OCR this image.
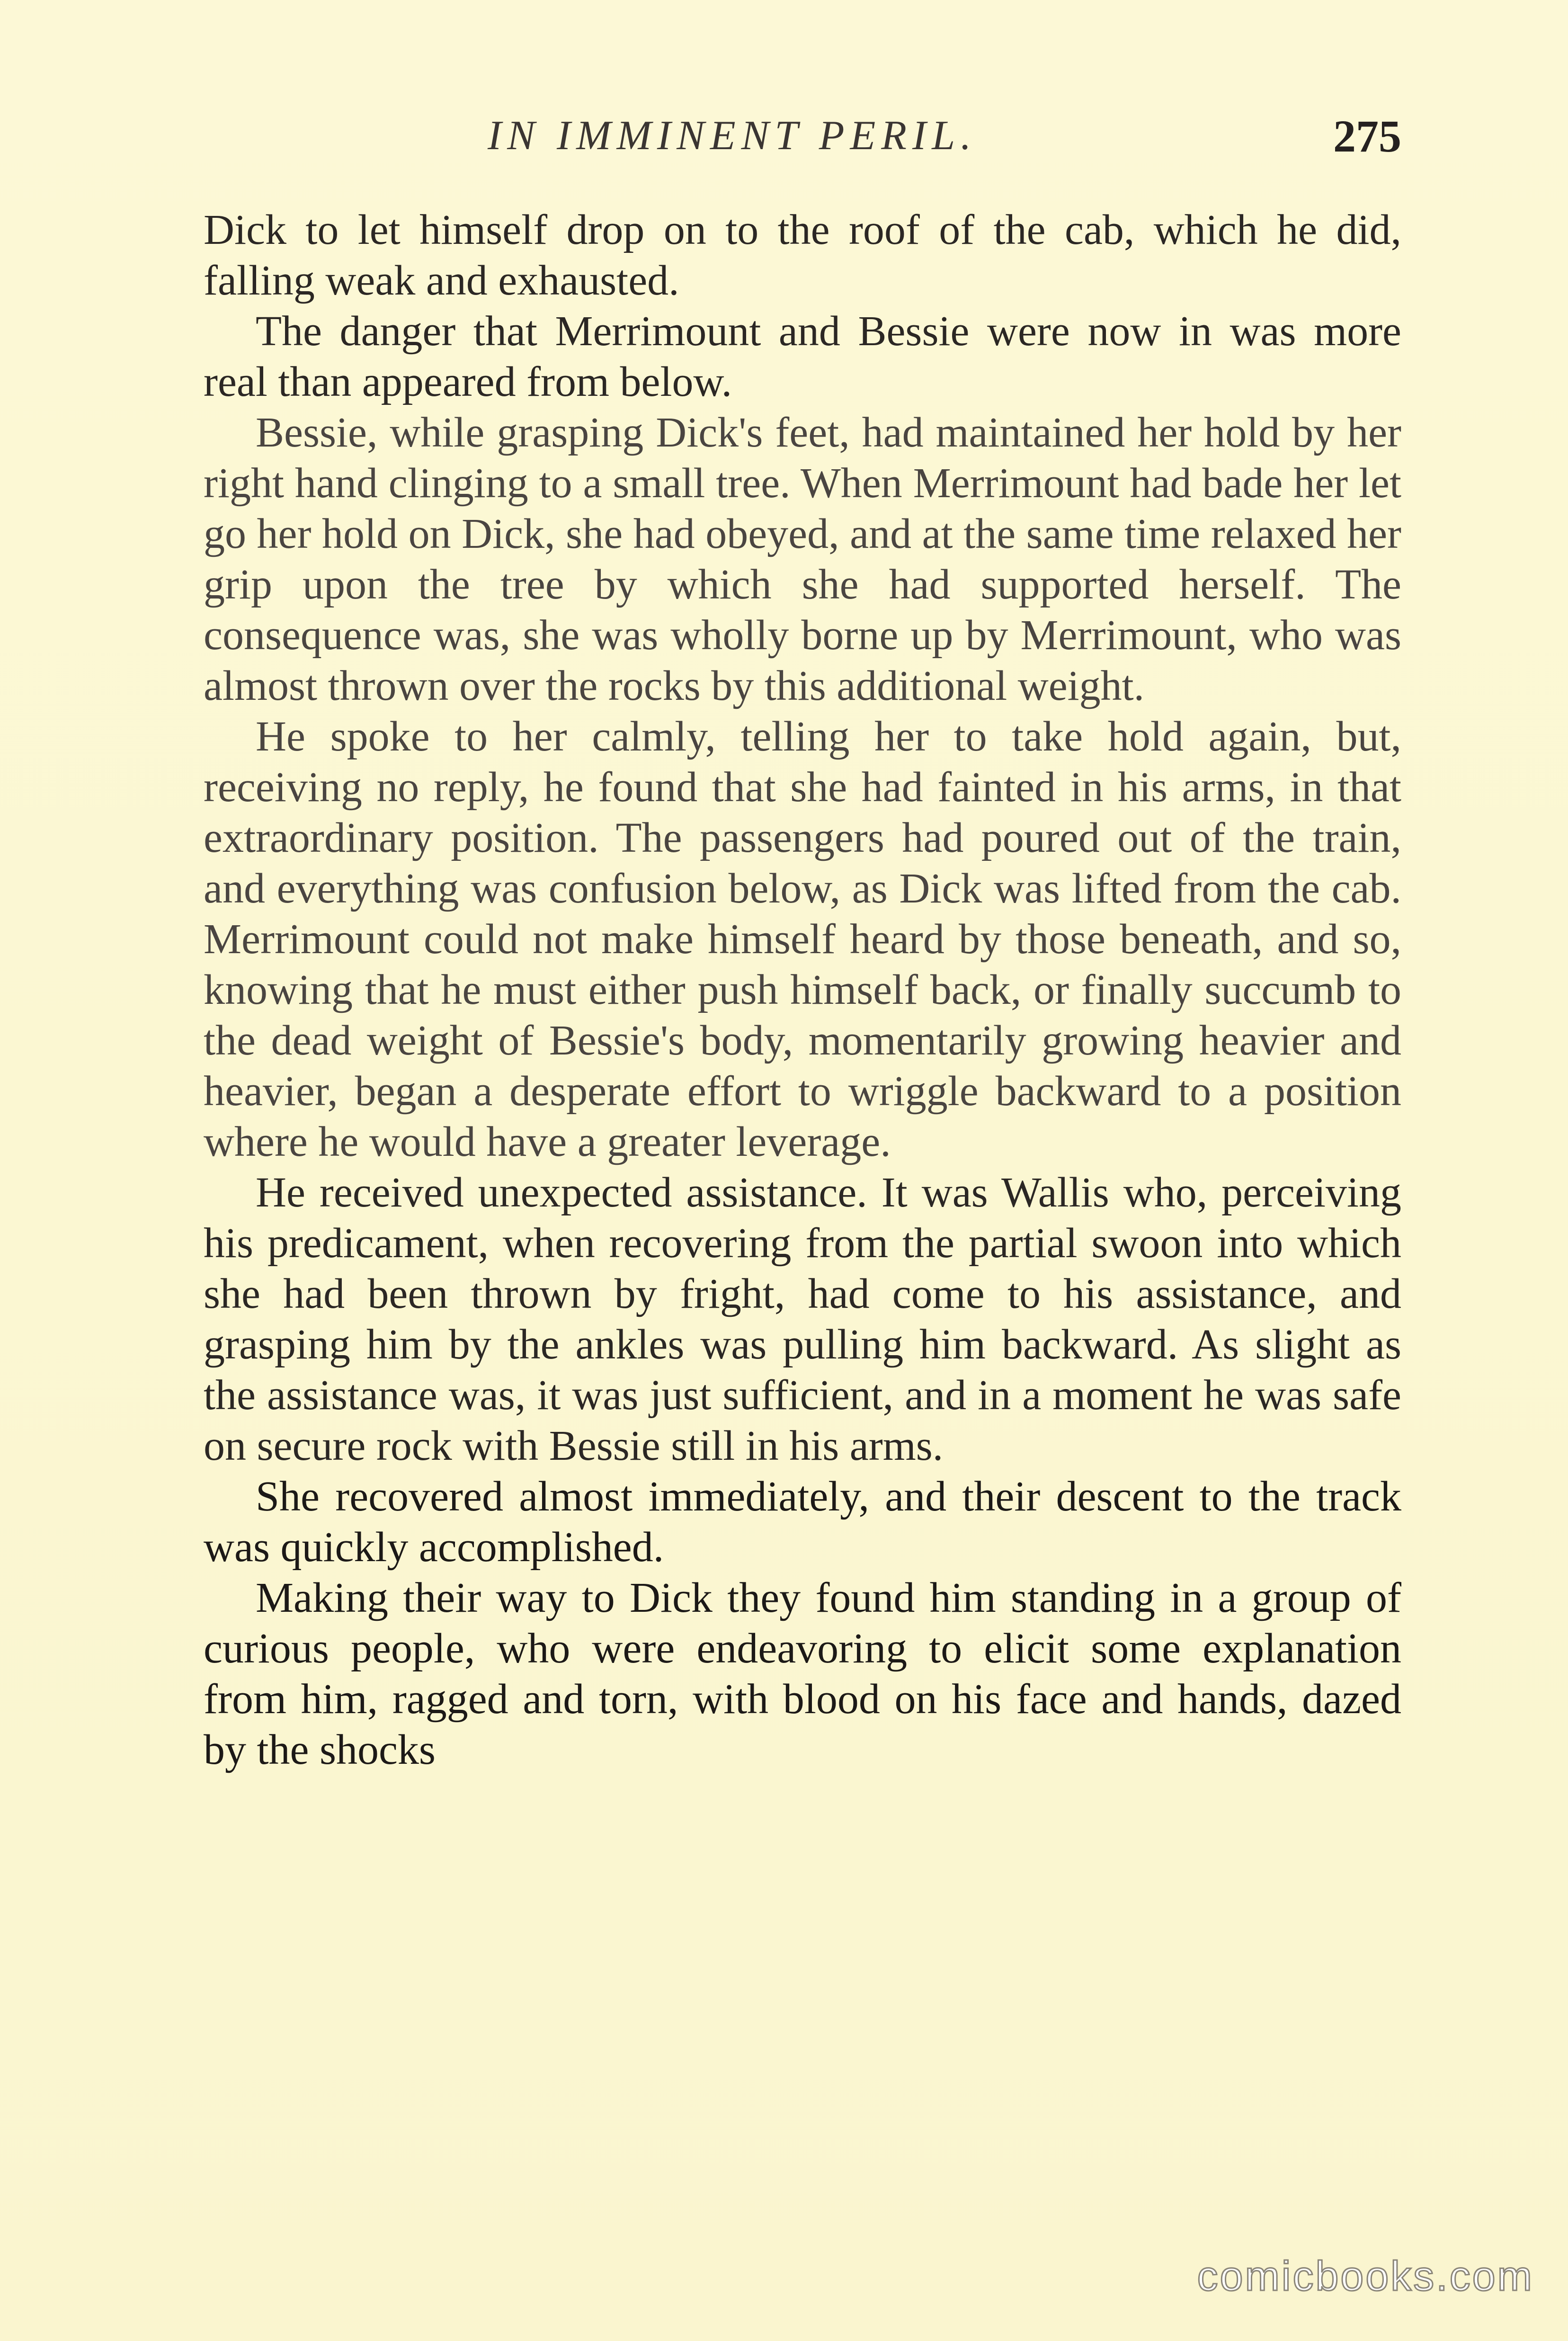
IN IMMINENT PERIL.	275

Dick to let himself drop on to the roof of the cab, which he did, falling weak and exhausted.

The danger that Merrimount and Bessie were now in was more real than appeared from below.

Bessie, while grasping Dick's feet, had maintained her hold by her right hand clinging to a small tree. When Merrimount had bade her let go her hold on Dick, she had obeyed, and at the same time relaxed her grip upon the tree by which she had supported herself. The consequence was, she was wholly borne up by Merrimount, who was almost thrown over the rocks by this additional weight.

He spoke to her calmly, telling her to take hold again, but, receiving no reply, he found that she had fainted in his arms, in that extraordinary position. The passengers had poured out of the train, and everything was confusion below, as Dick was lifted from the cab. Merrimount could not make himself heard by those beneath, and so, knowing that he must either push himself back, or finally succumb to the dead weight of Bessie's body, momentarily growing heavier and heavier, began a desperate effort to wriggle backward to a position where he would have a greater leverage.

He received unexpected assistance. It was Wallis who, perceiving his predicament, when recovering from the partial swoon into which she had been thrown by fright, had come to his assistance, and grasping him by the ankles was pulling him backward. As slight as the assistance was, it was just sufficient, and in a moment he was safe on secure rock with Bessie still in his arms.

She recovered almost immediately, and their descent to the track was quickly accomplished.

Making their way to Dick they found him standing in a group of curious people, who were endeavoring to elicit some explanation from him, ragged and torn, with blood on his face and hands, dazed by the shocks

comicbooks.com
